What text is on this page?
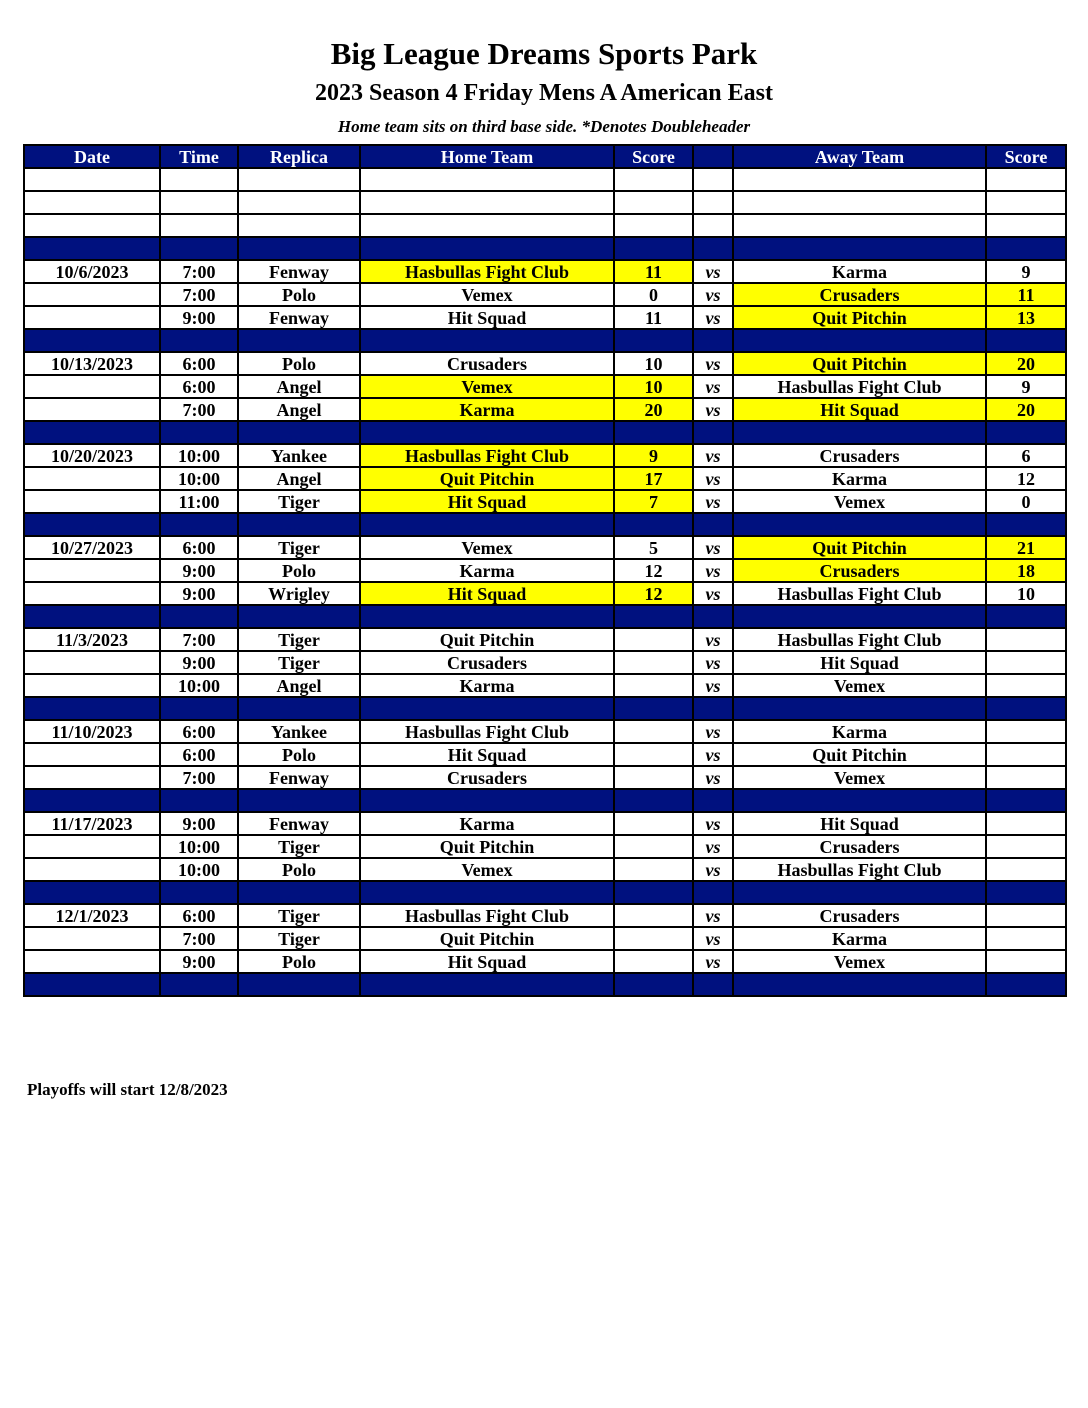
Big League Dreams Sports Park
2023 Season 4 Friday Mens A American East
Home team sits on third base side. *Denotes Doubleheader
Date	Time	Replica	Home Team	Score		Away Team	Score

10/6/2023	7:00	Fenway	Hasbullas Fight Club	11	vs	Karma	9
	7:00	Polo	Vemex	0	vs	Crusaders	11
	9:00	Fenway	Hit Squad	11	vs	Quit Pitchin	13

10/13/2023	6:00	Polo	Crusaders	10	vs	Quit Pitchin	20
	6:00	Angel	Vemex	10	vs	Hasbullas Fight Club	9
	7:00	Angel	Karma	20	vs	Hit Squad	20

10/20/2023	10:00	Yankee	Hasbullas Fight Club	9	vs	Crusaders	6
	10:00	Angel	Quit Pitchin	17	vs	Karma	12
	11:00	Tiger	Hit Squad	7	vs	Vemex	0

10/27/2023	6:00	Tiger	Vemex	5	vs	Quit Pitchin	21
	9:00	Polo	Karma	12	vs	Crusaders	18
	9:00	Wrigley	Hit Squad	12	vs	Hasbullas Fight Club	10

11/3/2023	7:00	Tiger	Quit Pitchin		vs	Hasbullas Fight Club	
	9:00	Tiger	Crusaders		vs	Hit Squad	
	10:00	Angel	Karma		vs	Vemex	

11/10/2023	6:00	Yankee	Hasbullas Fight Club		vs	Karma	
	6:00	Polo	Hit Squad		vs	Quit Pitchin	
	7:00	Fenway	Crusaders		vs	Vemex	

11/17/2023	9:00	Fenway	Karma		vs	Hit Squad	
	10:00	Tiger	Quit Pitchin		vs	Crusaders	
	10:00	Polo	Vemex		vs	Hasbullas Fight Club	

12/1/2023	6:00	Tiger	Hasbullas Fight Club		vs	Crusaders	
	7:00	Tiger	Quit Pitchin		vs	Karma	
	9:00	Polo	Hit Squad		vs	Vemex	

Playoffs will start 12/8/2023
